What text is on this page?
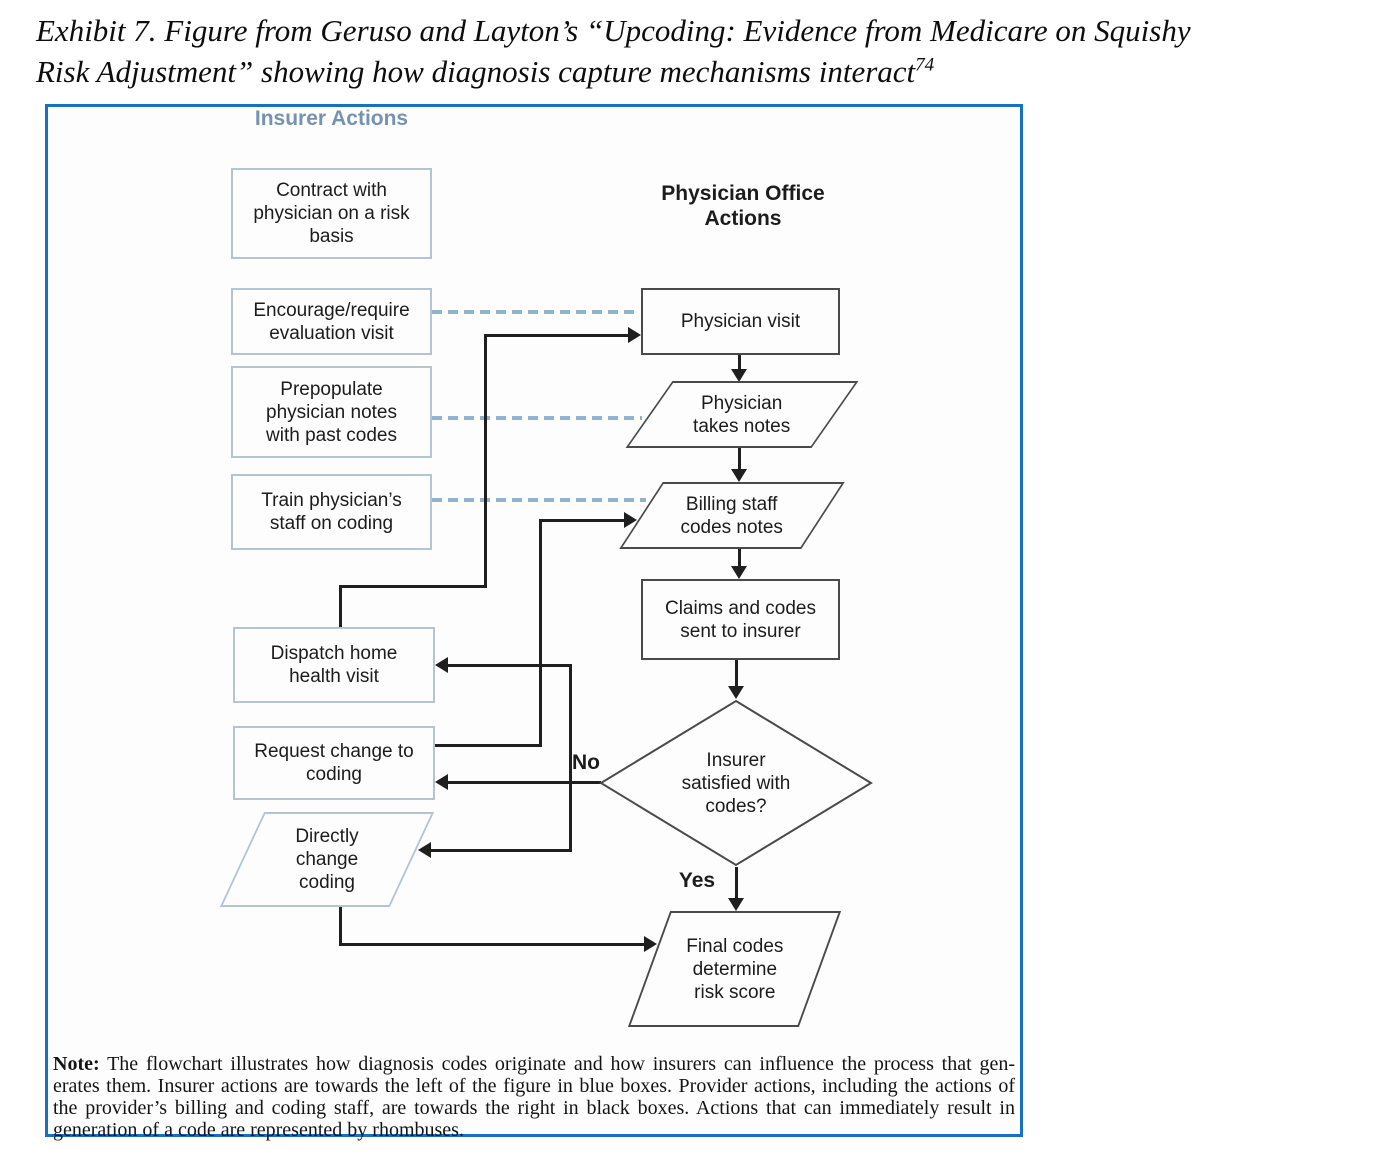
Exhibit 7. Figure from Geruso and Layton’s “Upcoding: Evidence from Medicare on Squishy
Risk Adjustment” showing how diagnosis capture mechanisms interact$^{74}$
Insurer Actions
Physician Office Actions
No
Yes
Contract with physician on a risk basis
Encourage/require evaluation visit
Prepopulate physician notes with past codes
Train physician’s staff on coding
Dispatch home health visit
Request change to coding
Directly change coding
Physician visit
Physician takes notes
Billing staff codes notes
Claims and codes sent to insurer
Final codes determine risk score
Insurer satisfied with codes?
Note: The flowchart illustrates how diagnosis codes originate and how insurers can influence the process that gen-
erates them. Insurer actions are towards the left of the figure in blue boxes. Provider actions, including the actions of
the provider’s billing and coding staff, are towards the right in black boxes. Actions that can immediately result in
generation of a code are represented by rhombuses.
